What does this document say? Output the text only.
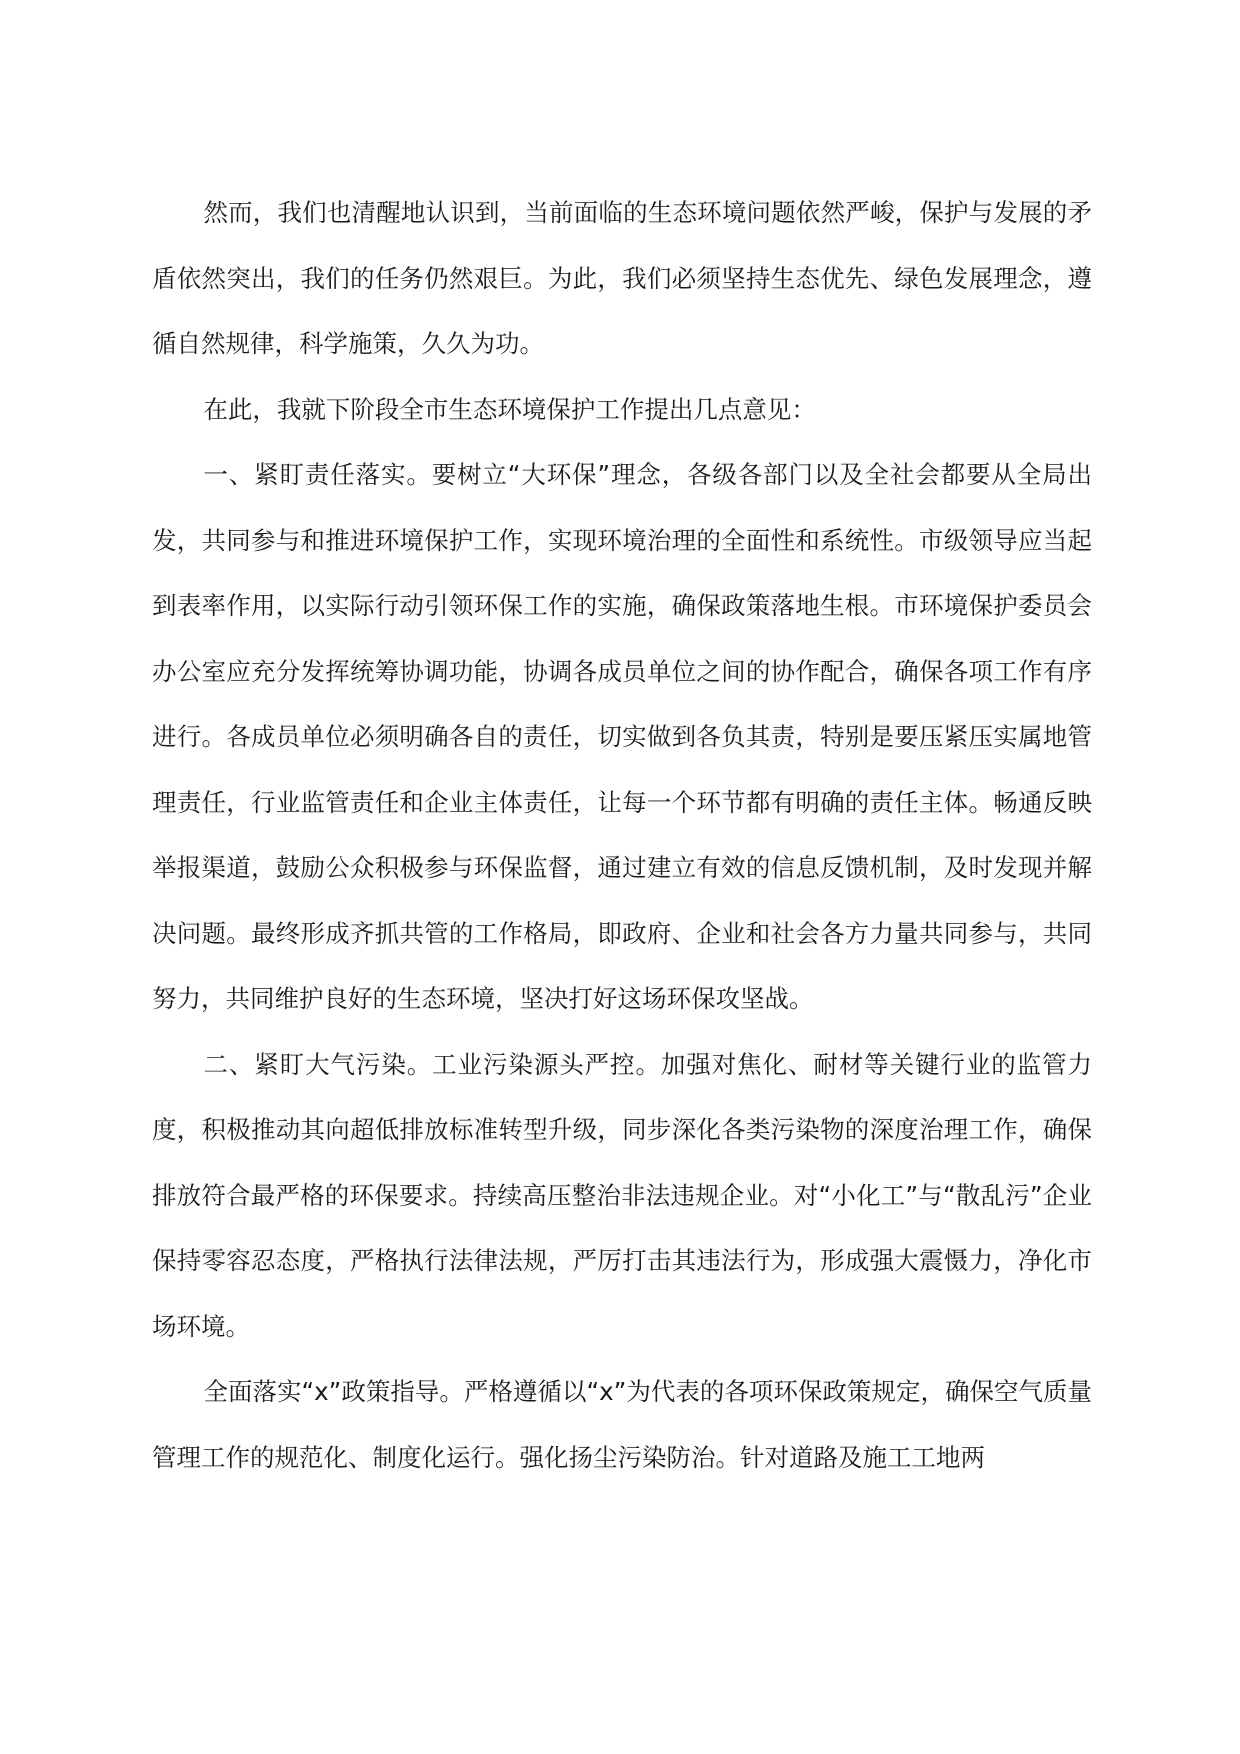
然而，我们也清醒地认识到，当前面临的生态环境问题依然严峻，保护与发展的矛盾依然突出，我们的任务仍然艰巨。为此，我们必须坚持生态优先、绿色发展理念，遵循自然规律，科学施策，久久为功。

在此，我就下阶段全市生态环境保护工作提出几点意见：

一、紧盯责任落实。要树立“大环保”理念，各级各部门以及全社会都要从全局出发，共同参与和推进环境保护工作，实现环境治理的全面性和系统性。市级领导应当起到表率作用，以实际行动引领环保工作的实施，确保政策落地生根。市环境保护委员会办公室应充分发挥统筹协调功能，协调各成员单位之间的协作配合，确保各项工作有序进行。各成员单位必须明确各自的责任，切实做到各负其责，特别是要压紧压实属地管理责任，行业监管责任和企业主体责任，让每一个环节都有明确的责任主体。畅通反映举报渠道，鼓励公众积极参与环保监督，通过建立有效的信息反馈机制，及时发现并解决问题。最终形成齐抓共管的工作格局，即政府、企业和社会各方力量共同参与，共同努力，共同维护良好的生态环境，坚决打好这场环保攻坚战。

二、紧盯大气污染。工业污染源头严控。加强对焦化、耐材等关键行业的监管力度，积极推动其向超低排放标准转型升级，同步深化各类污染物的深度治理工作，确保排放符合最严格的环保要求。持续高压整治非法违规企业。对“小化工”与“散乱污”企业保持零容忍态度，严格执行法律法规，严厉打击其违法行为，形成强大震慑力，净化市场环境。

全面落实“x”政策指导。严格遵循以“x”为代表的各项环保政策规定，确保空气质量管理工作的规范化、制度化运行。强化扬尘污染防治。针对道路及施工工地两
